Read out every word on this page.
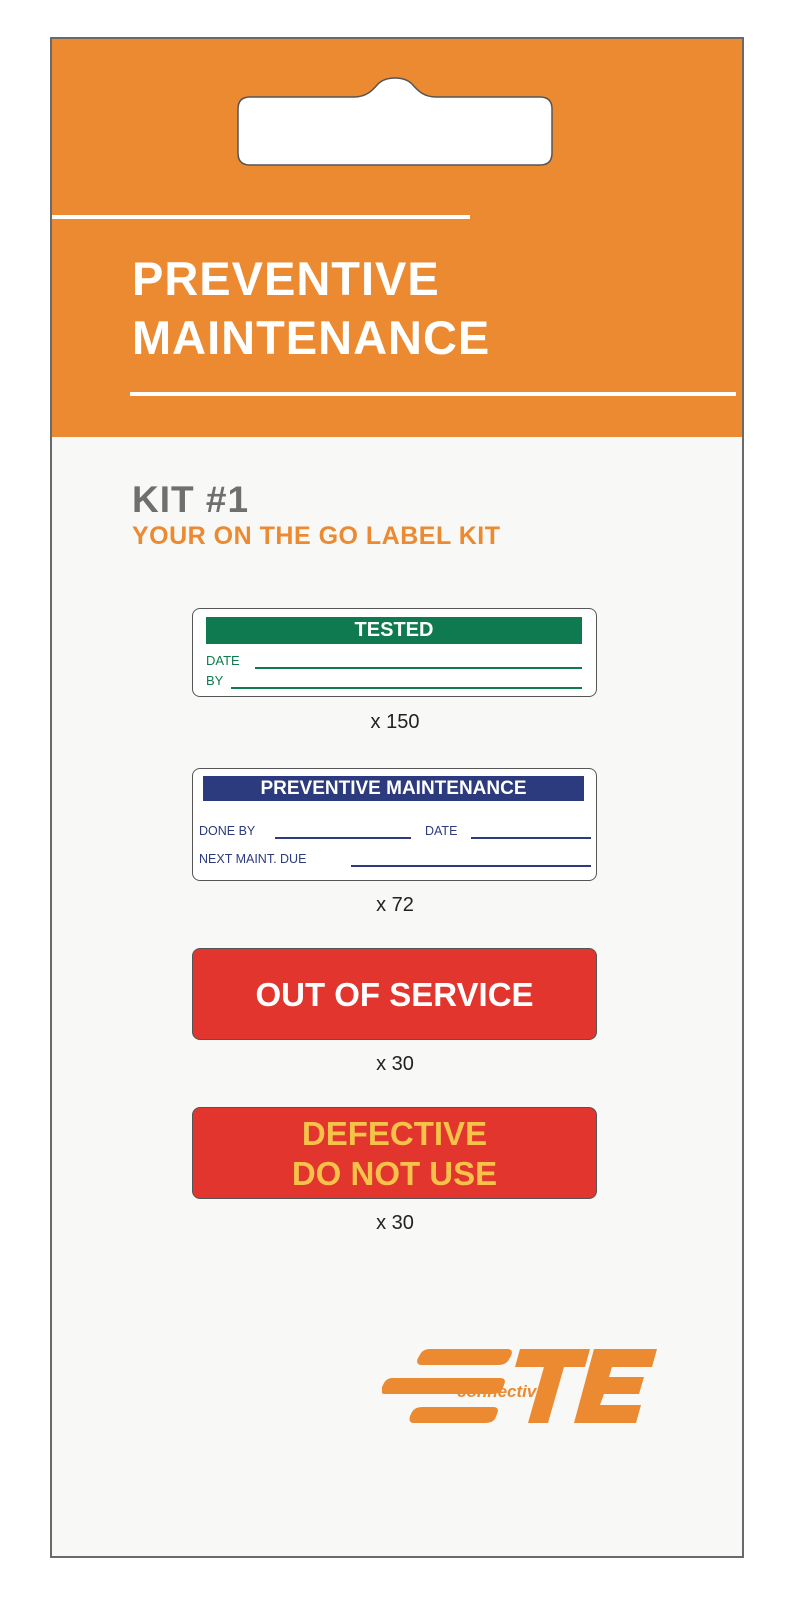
PREVENTIVE
MAINTENANCE
KIT #1
YOUR ON THE GO LABEL KIT
TESTED
DATE
BY
x 150
PREVENTIVE MAINTENANCE
DONE BY	DATE
NEXT MAINT. DUE
x 72
OUT OF SERVICE
x 30
DEFECTIVE
DO NOT USE
x 30
connectivity
